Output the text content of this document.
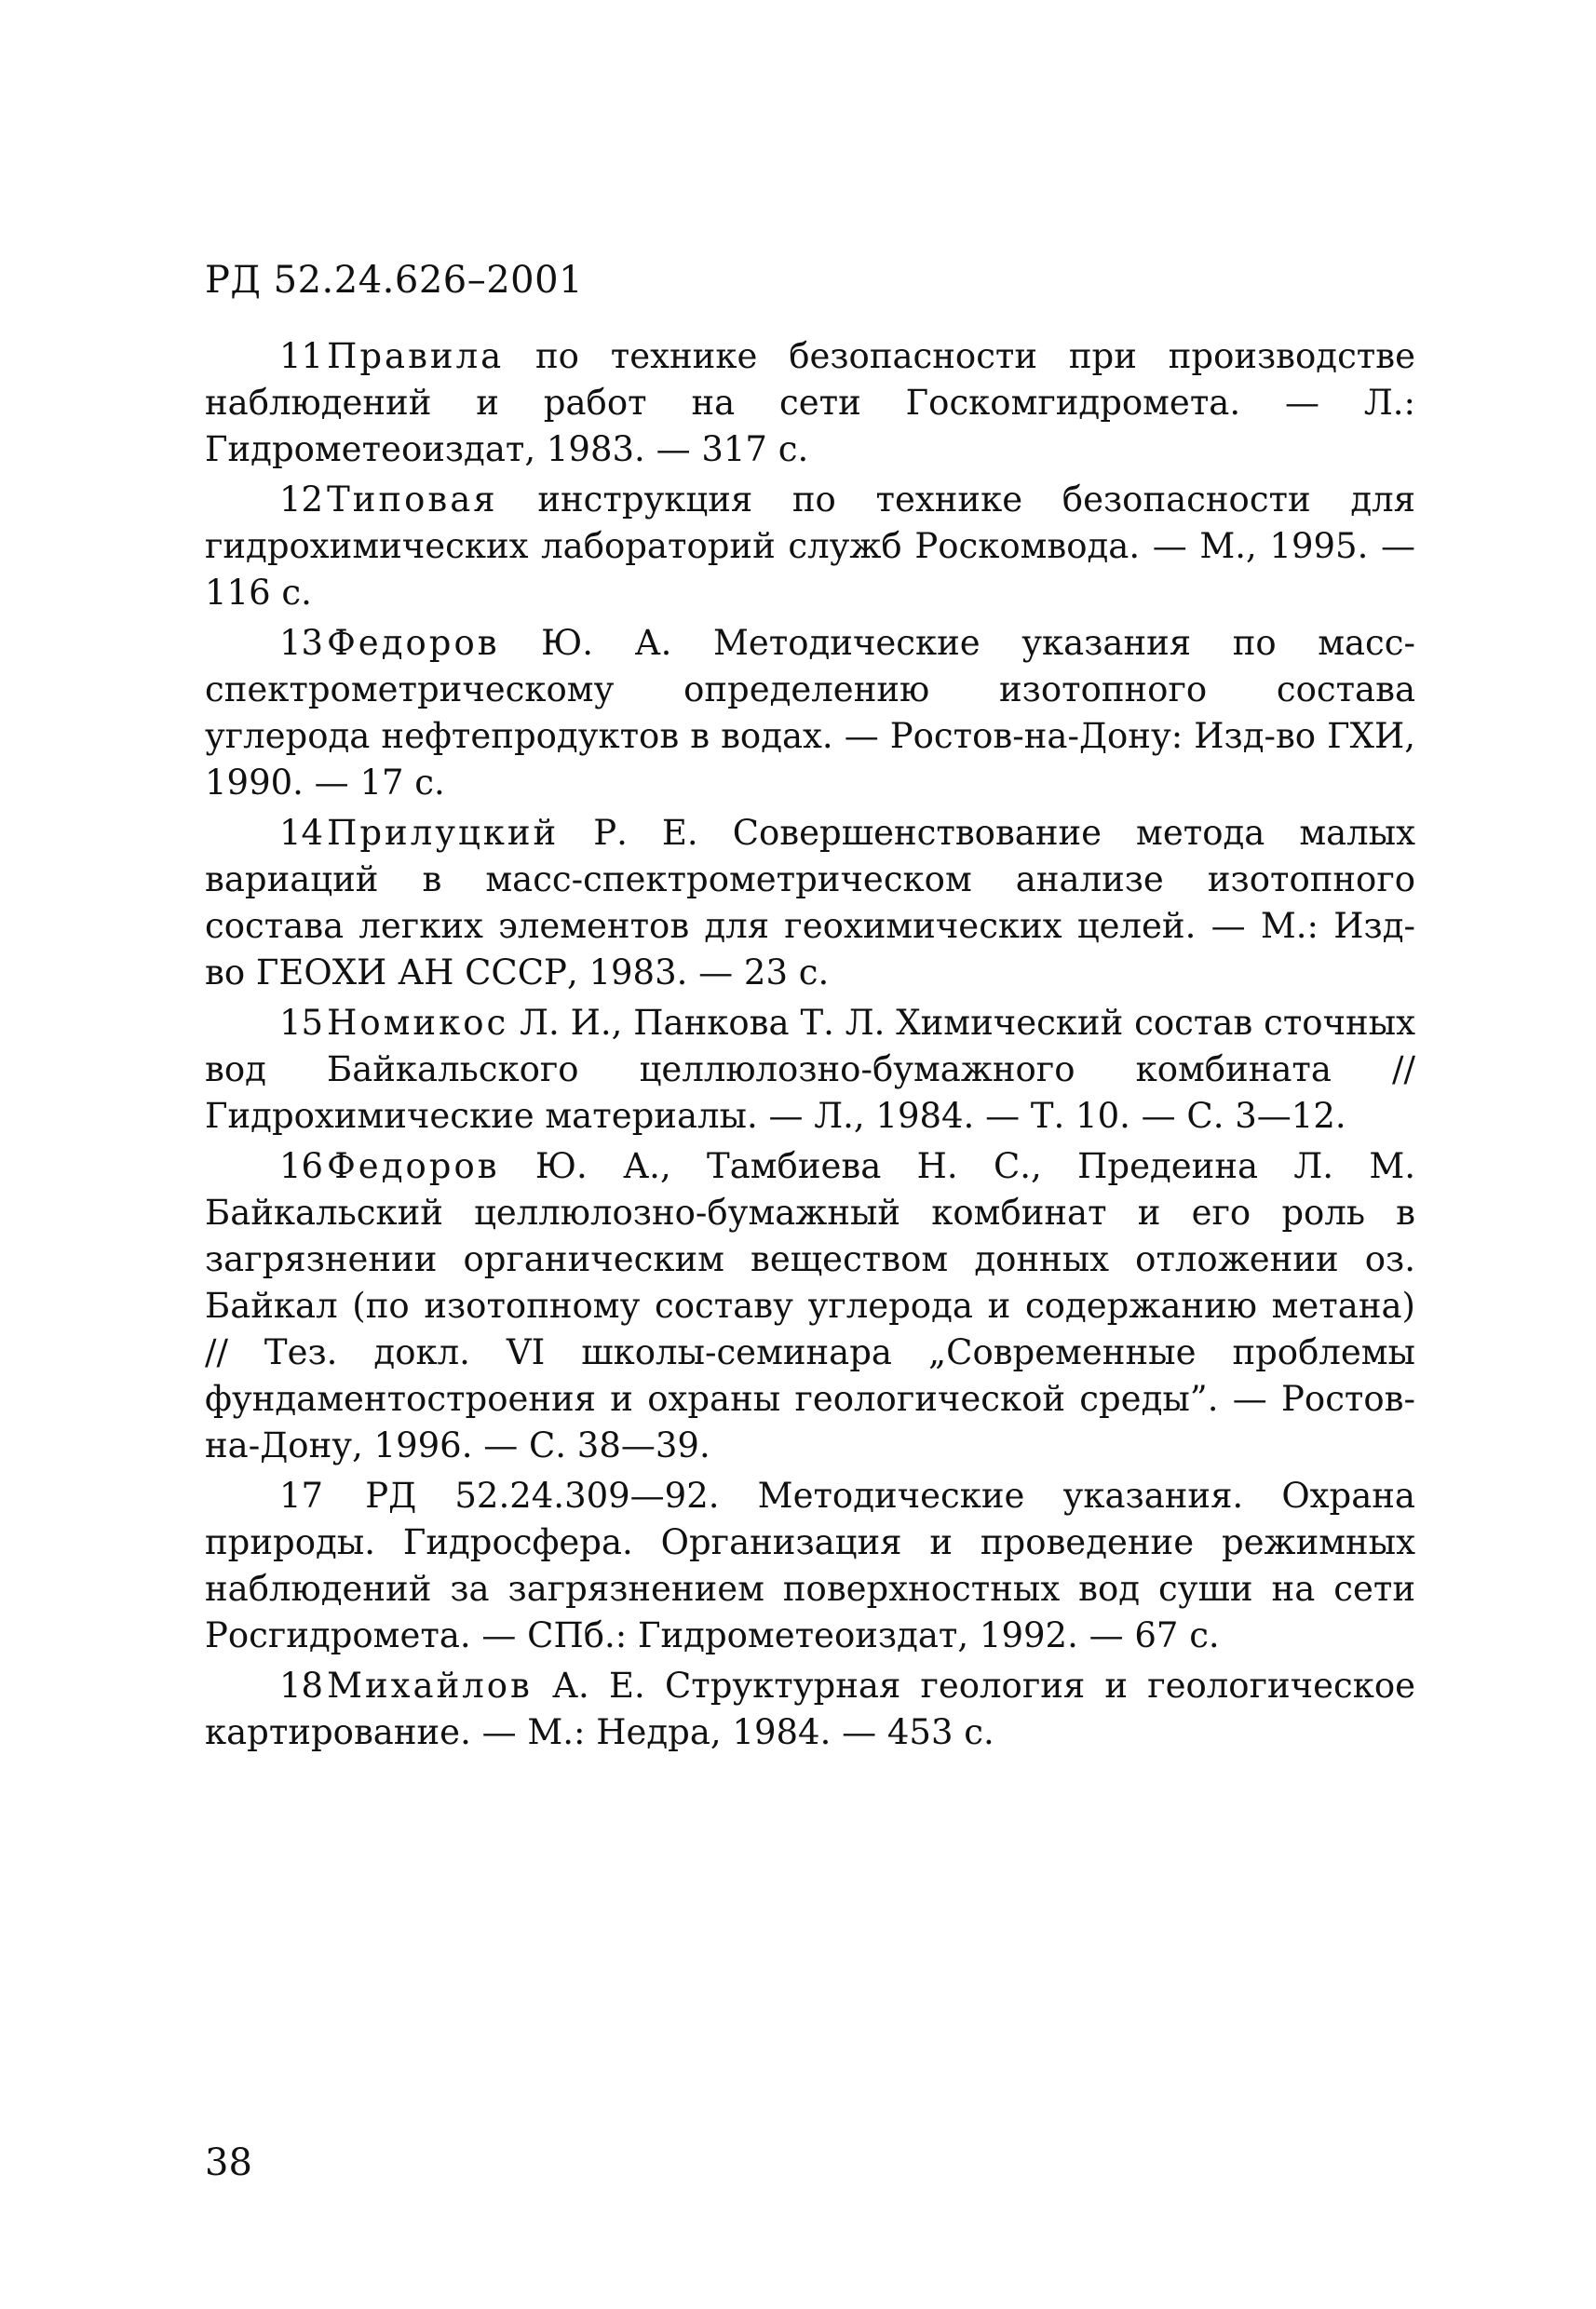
РД 52.24.626–2001

11 Правила по технике безопасности при производстве наблюдений и работ на сети Госкомгидромета. — Л.: Гидрометеоиздат, 1983. — 317 с.

12 Типовая инструкция по технике безопасности для гидрохимических лабораторий служб Роскомвода. — М., 1995. — 116 с.

13 Федоров Ю. А. Методические указания по масс-спектрометрическому определению изотопного состава углерода нефтепродуктов в водах. — Ростов-на-Дону: Изд-во ГХИ, 1990. — 17 с.

14 Прилуцкий Р. Е. Совершенствование метода малых вариаций в масс-спектрометрическом анализе изотопного состава легких элементов для геохимических целей. — М.: Изд-во ГЕОХИ АН СССР, 1983. — 23 с.

15 Номикос Л. И., Панкова Т. Л. Химический состав сточных вод Байкальского целлюлозно-бумажного комбината // Гидрохимические материалы. — Л., 1984. — Т. 10. — С. 3—12.

16 Федоров Ю. А., Тамбиева Н. С., Предеина Л. М. Байкальский целлюлозно-бумажный комбинат и его роль в загрязнении органическим веществом донных отложении оз. Байкал (по изотопному составу углерода и содержанию метана) // Тез. докл. VI школы-семинара „Современные проблемы фундаментостроения и охраны геологической среды”. — Ростов-на-Дону, 1996. — С. 38—39.

17 РД 52.24.309—92. Методические указания. Охрана природы. Гидросфера. Организация и проведение режимных наблюдений за загрязнением поверхностных вод суши на сети Росгидромета. — СПб.: Гидрометеоиздат, 1992. — 67 с.

18 Михайлов А. Е. Структурная геология и геологическое картирование. — М.: Недра, 1984. — 453 с.

38
